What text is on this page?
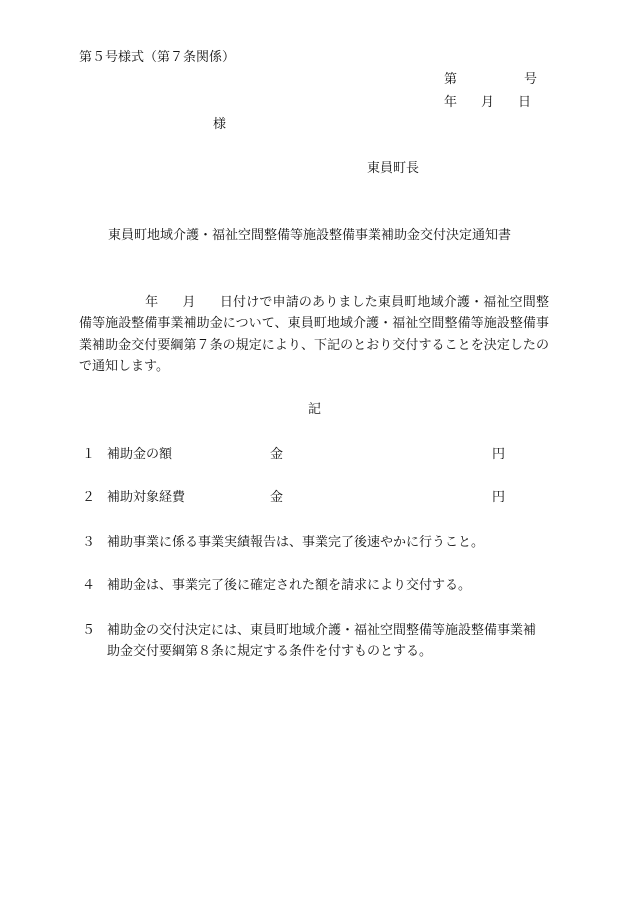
第５号様式（第７条関係）
第	号
年 月 日
様
東員町長
東員町地域介護・福祉空間整備等施設整備事業補助金交付決定通知書
年 月 日付けで申請のありました東員町地域介護・福祉空間整備等施設整備事業補助金について、東員町地域介護・福祉空間整備等施設整備事業補助金交付要綱第７条の規定により、下記のとおり交付することを決定したので通知します。
記
１ 補助金の額	金	円
２ 補助対象経費	金	円
３ 補助事業に係る事業実績報告は、事業完了後速やかに行うこと。
４ 補助金は、事業完了後に確定された額を請求により交付する。
５ 補助金の交付決定には、東員町地域介護・福祉空間整備等施設整備事業補
助金交付要綱第８条に規定する条件を付すものとする。
